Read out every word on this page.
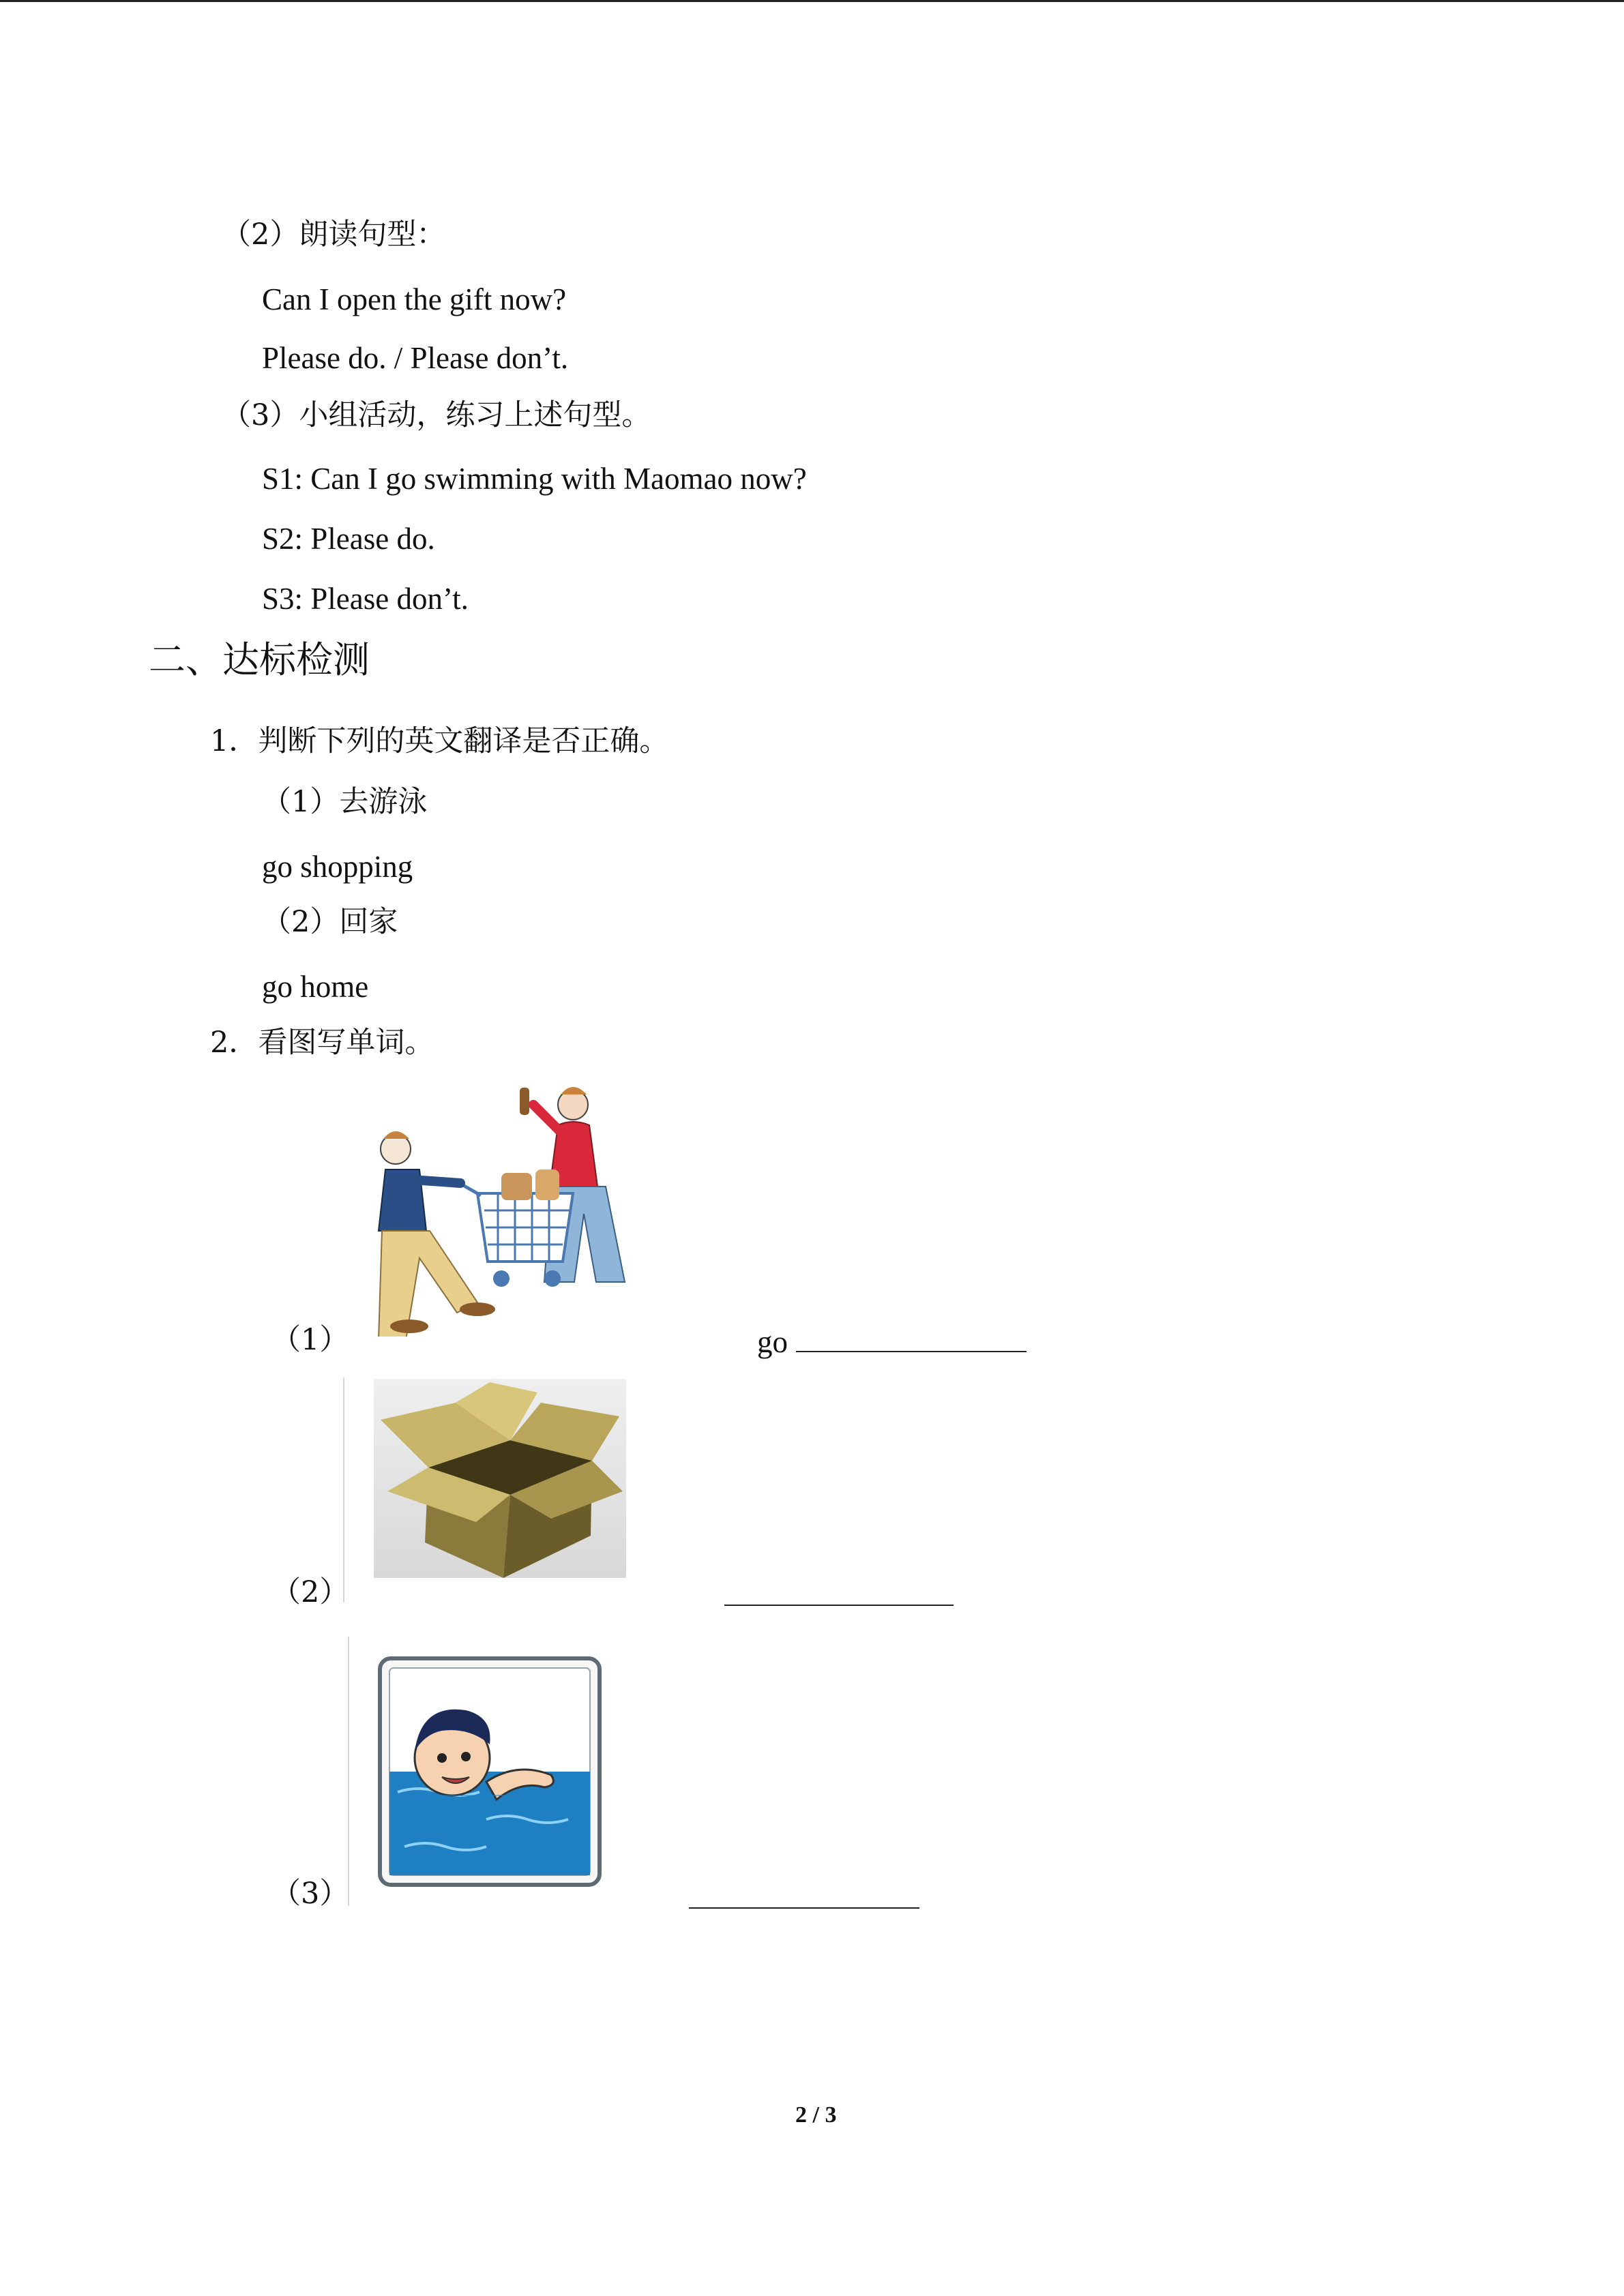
（2）朗读句型：
Can I open the gift now?
Please do. / Please don’t.
（3）小组活动，练习上述句型。
S1: Can I go swimming with Maomao now?
S2: Please do.
S3: Please don’t.
二、达标检测
1．判断下列的英文翻译是否正确。
（1）去游泳
go shopping
（2）回家
go home
2．看图写单词。
（1）	go
（2）
（3）
2 / 3
